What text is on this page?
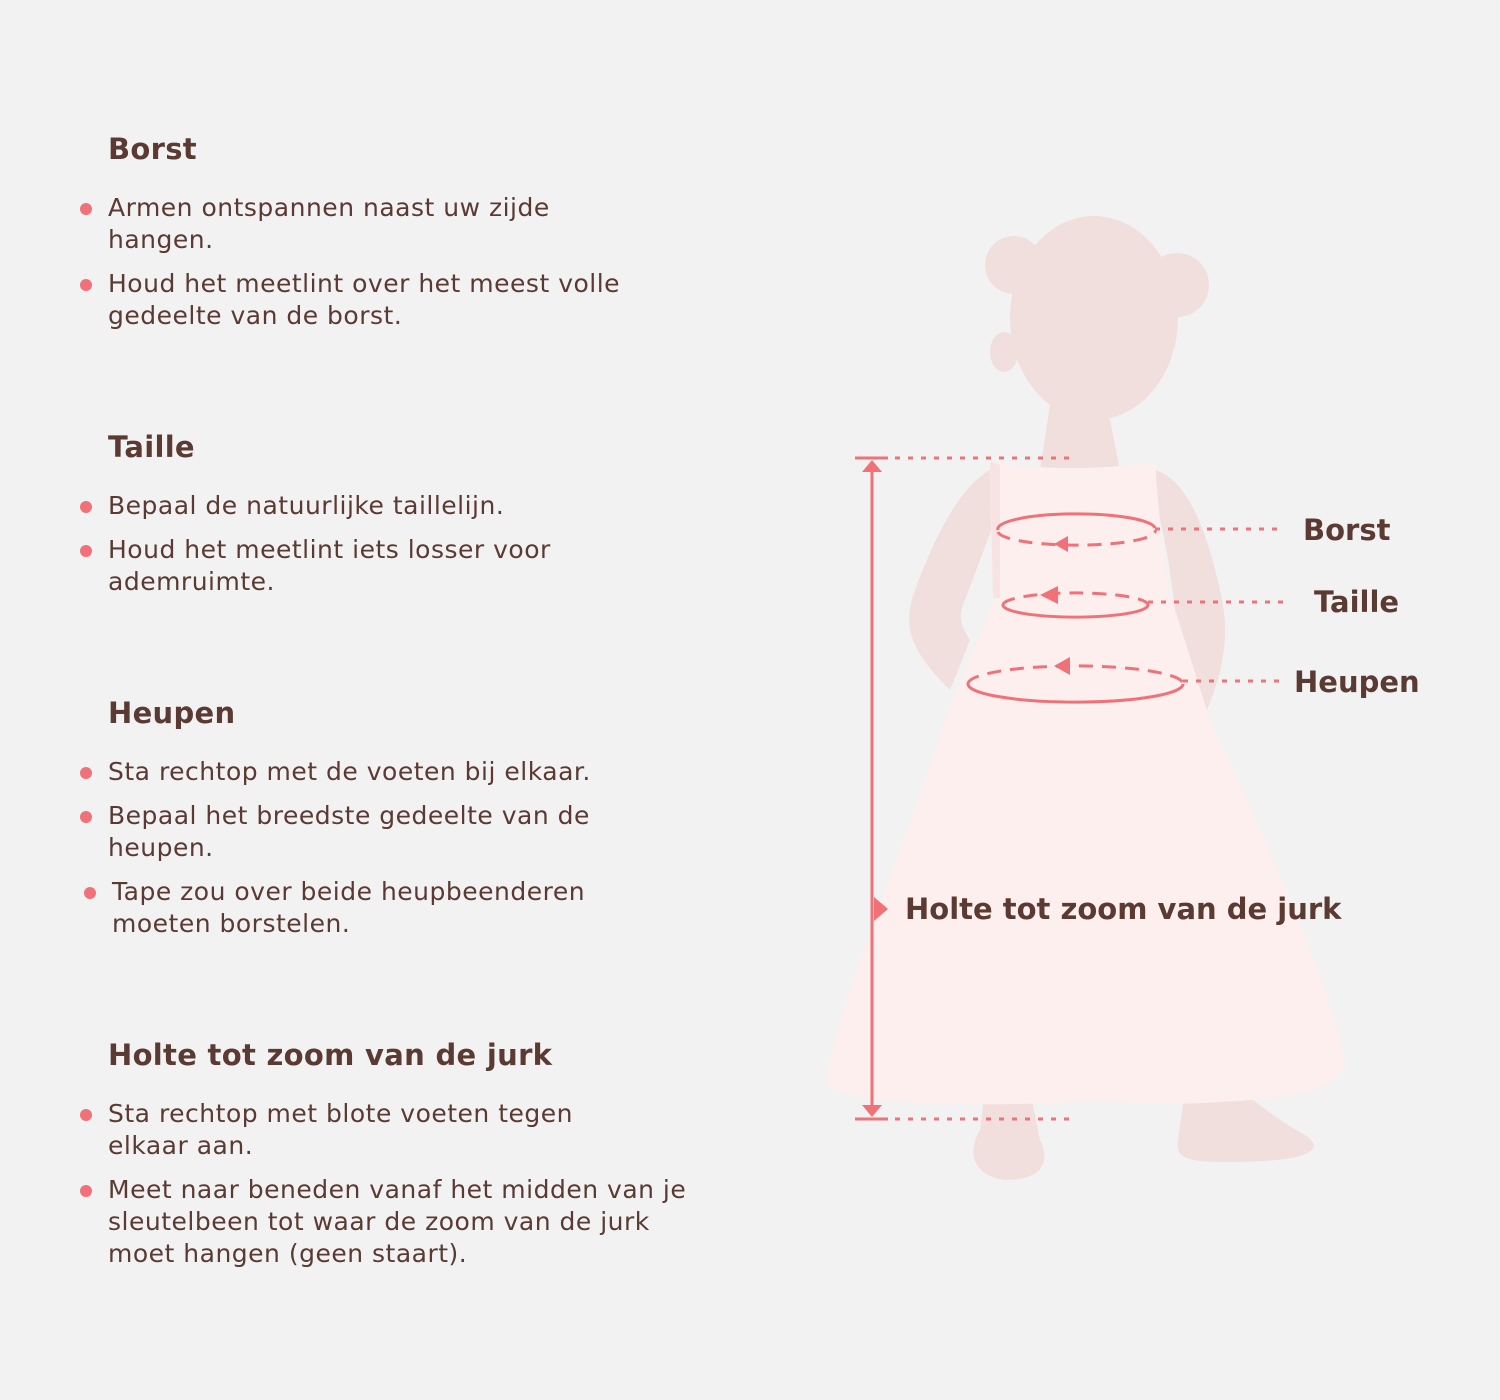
Borst
Armen ontspannen naast uw zijde hangen.
Houd het meetlint over het meest volle gedeelte van de borst.
Taille
Bepaal de natuurlijke taillelijn.
Houd het meetlint iets losser voor ademruimte.
Heupen
Sta rechtop met de voeten bij elkaar.
Bepaal het breedste gedeelte van de heupen.
Tape zou over beide heupbeenderen moeten borstelen.
Holte tot zoom van de jurk
Sta rechtop met blote voeten tegen elkaar aan.
Meet naar beneden vanaf het midden van je sleutelbeen tot waar de zoom van de jurk moet hangen (geen staart).
Borst
Taille
Heupen
Holte tot zoom van de jurk
